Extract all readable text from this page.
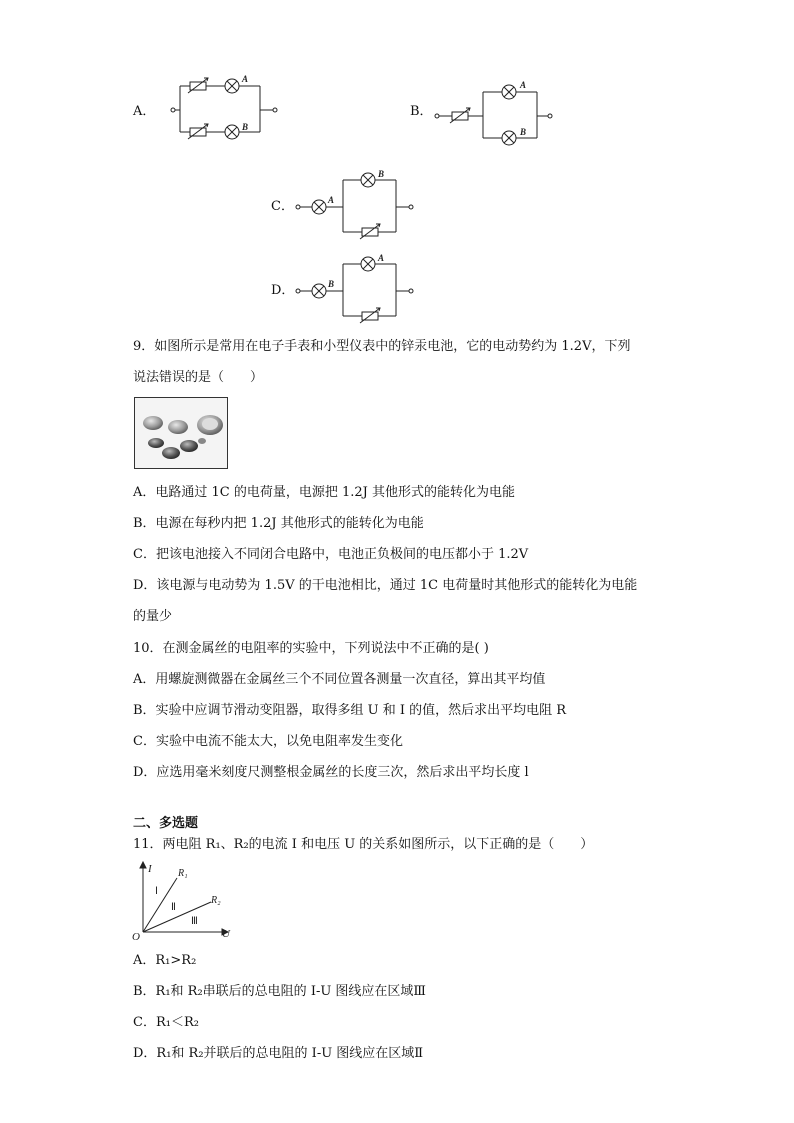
A．
A
B
B．
A
B
C．	A
B
D．	B
A
9．如图所示是常用在电子手表和小型仪表中的锌汞电池，它的电动势约为 1.2V，下列
说法错误的是（　　）
A．电路通过 1C 的电荷量，电源把 1.2J 其他形式的能转化为电能
B．电源在每秒内把 1.2J 其他形式的能转化为电能
C．把该电池接入不同闭合电路中，电池正负极间的电压都小于 1.2V
D．该电源与电动势为 1.5V 的干电池相比，通过 1C 电荷量时其他形式的能转化为电能
的量少
10．在测金属丝的电阻率的实验中，下列说法中不正确的是( )
A．用螺旋测微器在金属丝三个不同位置各测量一次直径，算出其平均值
B．实验中应调节滑动变阻器，取得多组 U 和 I 的值，然后求出平均电阻 R
C．实验中电流不能太大，以免电阻率发生变化
D．应选用毫米刻度尺测整根金属丝的长度三次，然后求出平均长度 l
二、多选题
11．两电阻 R₁、R₂的电流 I 和电压 U 的关系如图所示，以下正确的是（　　）
I
U
O
R₁
R₂
Ⅰ
Ⅱ
Ⅲ
A．R₁>R₂
B．R₁和 R₂串联后的总电阻的 I-U 图线应在区域Ⅲ
C．R₁＜R₂
D．R₁和 R₂并联后的总电阻的 I-U 图线应在区域Ⅱ
